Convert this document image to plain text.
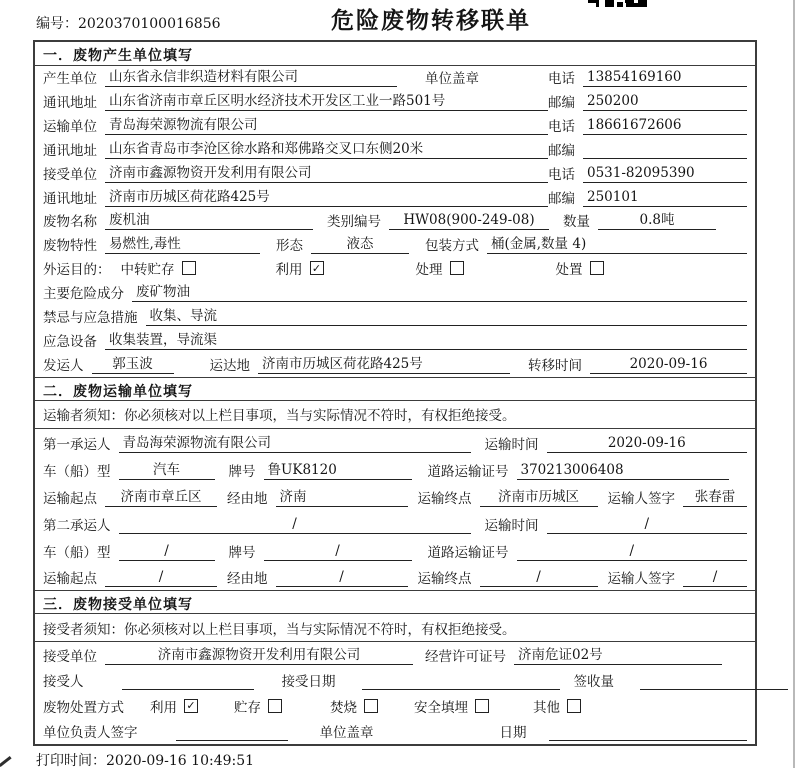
编号：2020370100016856	危险废物转移联单
一．废物产生单位填写
产生单位 山东省永信非织造材料有限公司	单位盖章	电话 13854169160
通讯地址 山东省济南市章丘区明水经济技术开发区工业一路501号	邮编 250200
运输单位 青岛海荣源物流有限公司	电话 18661672606
通讯地址 山东省青岛市李沧区徐水路和郑佛路交叉口东侧20米	邮编
接受单位 济南市鑫源物资开发利用有限公司	电话 0531-82095390
通讯地址 济南市历城区荷花路425号	邮编 250101
废物名称 废机油	类别编号	HW08(900-249-08)	数量	0.8吨
废物特性 易燃性,毒性	形态	液态	包装方式 桶(金属,数量 4)
外运目的： 中转贮存	利用 ✓	处理	处置
主要危险成分 废矿物油
禁忌与应急措施 收集、导流
应急设备 收集装置，导流渠
发运人	郭玉波	运达地 济南市历城区荷花路425号	转移时间	2020-09-16
二．废物运输单位填写
运输者须知：你必须核对以上栏目事项，当与实际情况不符时，有权拒绝接受。
第一承运人 青岛海荣源物流有限公司	运输时间	2020-09-16
车（船）型	汽车	牌号 鲁UK8120	道路运输证号 370213006408
运输起点	济南市章丘区	经由地 济南	运输终点	济南市历城区	运输人签字	张春雷
第二承运人	/	运输时间	/
车（船）型	/	牌号	/	道路运输证号	/
运输起点	/	经由地	/	运输终点	/	运输人签字	/
三．废物接受单位填写
接受者须知：你必须核对以上栏目事项，当与实际情况不符时，有权拒绝接受。
接受单位	济南市鑫源物资开发利用有限公司	经营许可证号 济南危证02号
接受人	接受日期	签收量
废物处置方式 利用 ✓	贮存	焚烧	安全填埋	其他
单位负责人签字	单位盖章	日期
打印时间：2020-09-16 10:49:51
